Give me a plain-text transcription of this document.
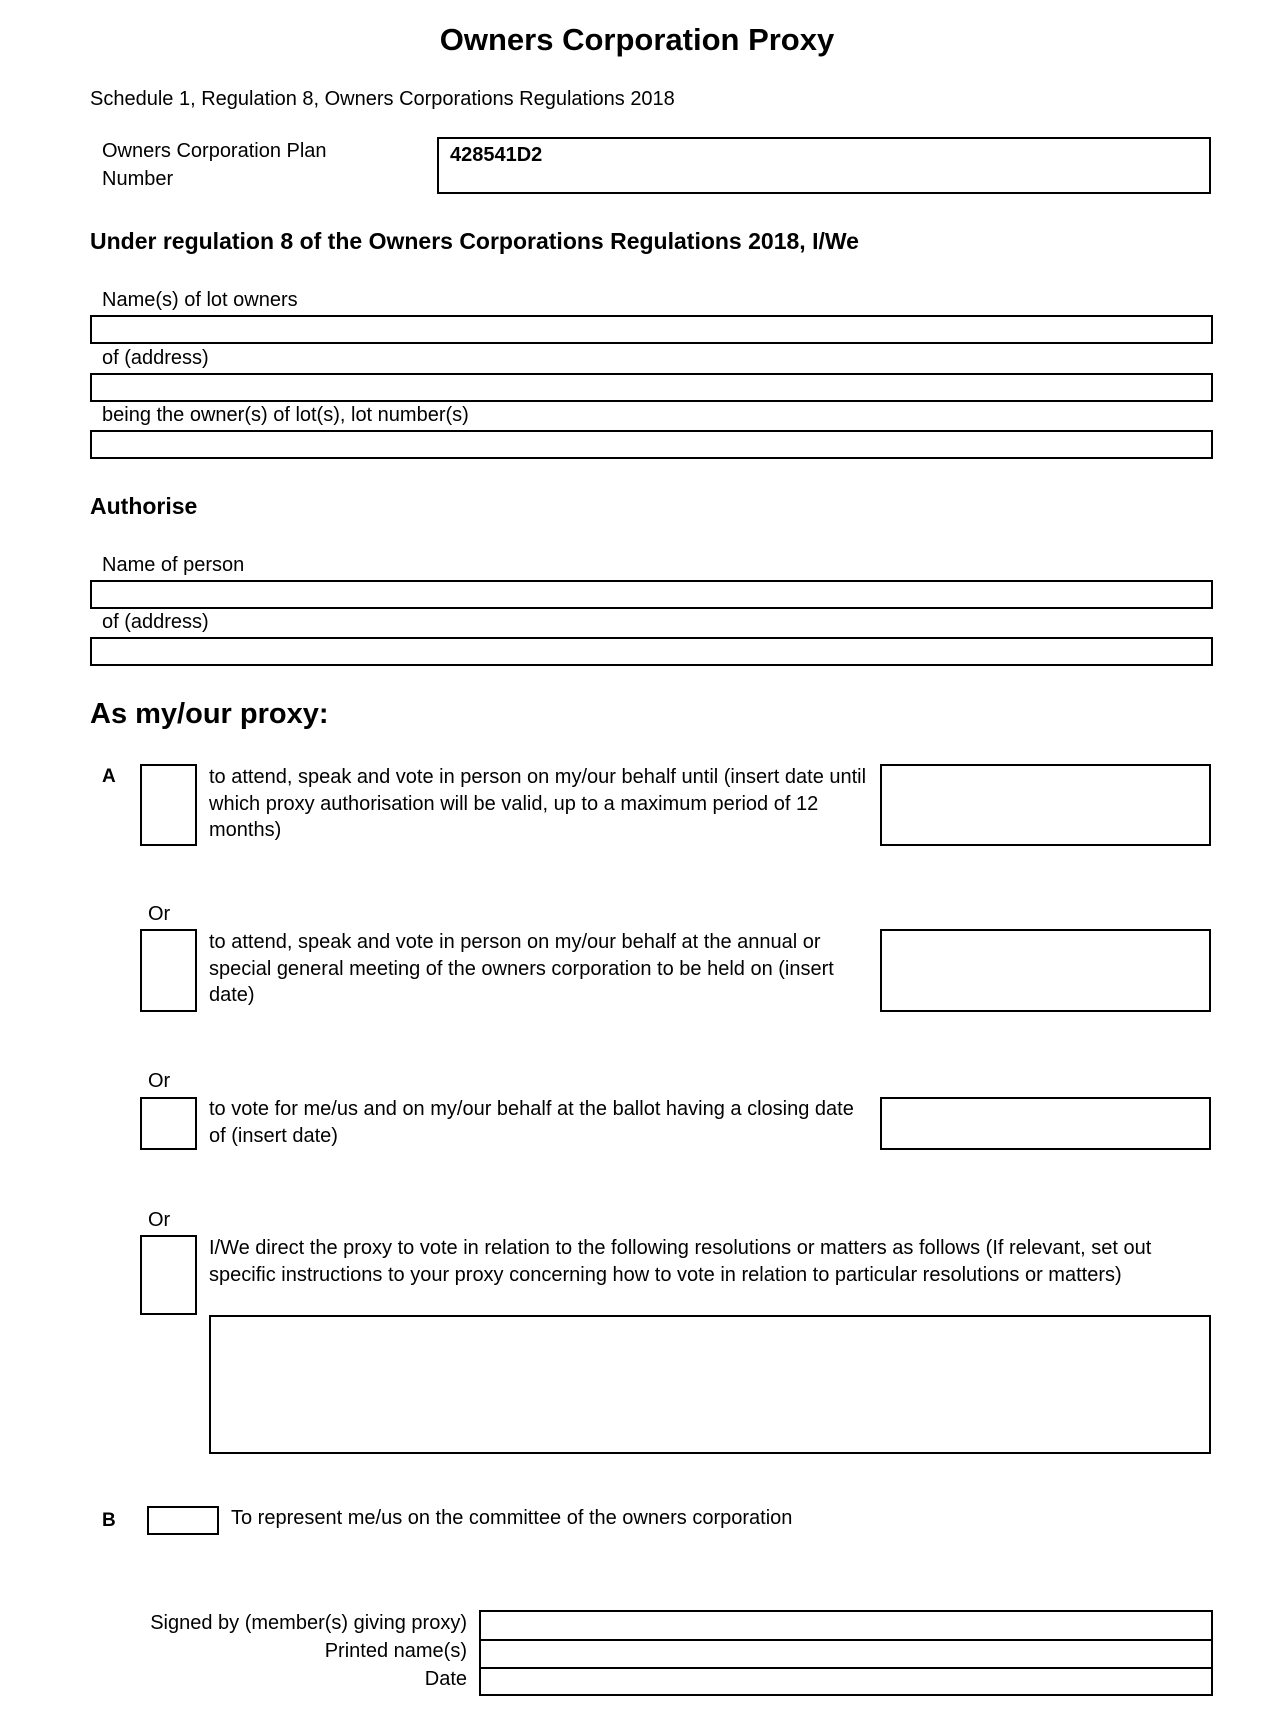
Owners Corporation Proxy
Schedule 1, Regulation 8, Owners Corporations Regulations 2018
Owners Corporation Plan
Number
428541D2
Under regulation 8 of the Owners Corporations Regulations 2018, I/We
Name(s) of lot owners
of (address)
being the owner(s) of lot(s), lot number(s)
Authorise
Name of person
of (address)
As my/our proxy:
A	to attend, speak and vote in person on my/our behalf until (insert date until which proxy authorisation will be valid, up to a maximum period of 12 months)
Or
to attend, speak and vote in person on my/our behalf at the annual or special general meeting of the owners corporation to be held on (insert date)
Or
to vote for me/us and on my/our behalf at the ballot having a closing date of (insert date)
Or
I/We direct the proxy to vote in relation to the following resolutions or matters as follows (If relevant, set out specific instructions to your proxy concerning how to vote in relation to particular resolutions or matters)
B	To represent me/us on the committee of the owners corporation
Signed by (member(s) giving proxy)
Printed name(s)
Date
